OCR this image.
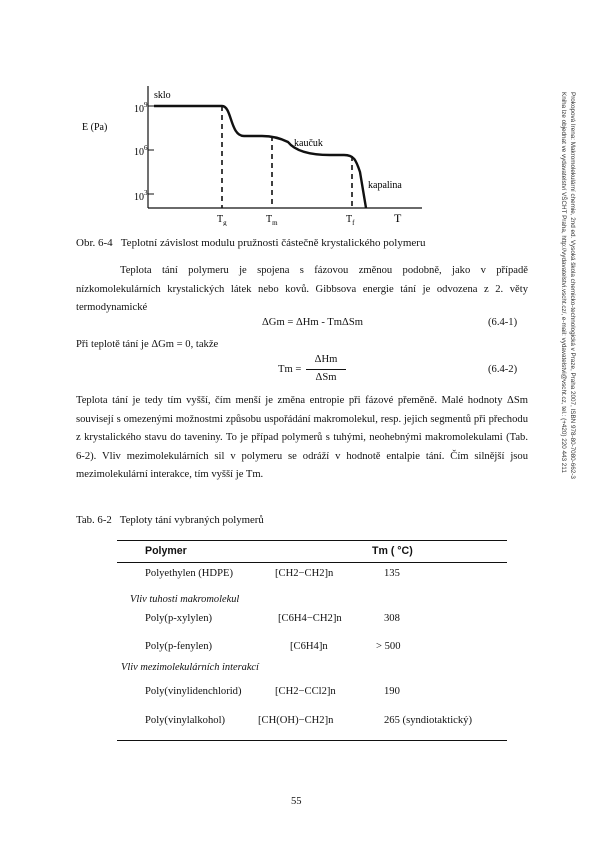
Prokopová Irena: Makromolekulární chemie, 2nd ed. Vysoká škola chemicko-technologická v Praze, Praha 2007, ISBN 978-80-7080-662-3
Kniha lze objednat ve vydavatelství VŠCHT Praha, http://vydavatelstvi.vscht.cz/, e-mail: vydavatelstvi@vscht.cz, tel.: (+420) 220 443 211
$10^9$
$10^6$
$10^3$
E (Pa)
sklo
kaučuk
kapalina
$T_g$	$T_m$	$T_f$	T
Obr. 6-4 Teplotní závislost modulu pružnosti částečně krystalického polymeru
Teplota tání polymeru je spojena s fázovou změnou podobně, jako v případě nízkomolekulárních krystalických látek nebo kovů. Gibbsova energie tání je odvozena z 2. věty termodynamické
ΔGm = ΔHm - TmΔSm	(6.4-1)
Při teplotě tání je ΔGm = 0, takže
Tm =
ΔHm
ΔSm
(6.4-2)
Teplota tání je tedy tím vyšší, čím menší je změna entropie při fázové přeměně. Malé hodnoty ΔSm souvisejí s omezenými možnostmi způsobu uspořádání makromolekul, resp. jejich segmentů při přechodu z krystalického stavu do taveniny. To je případ polymerů s tuhými, neohebnými makromolekulami (Tab. 6-2). Vliv mezimolekulárních sil v polymeru se odráží v hodnotě entalpie tání. Čím silnější jsou mezimolekulární interakce, tím vyšší je Tm.
Tab. 6-2 Teploty tání vybraných polymerů
Polymer	Tm ( °C)
Polyethylen (HDPE)	[CH2−CH2]n	135
Vliv tuhosti makromolekul
Poly(p-xylylen)	[C6H4−CH2]n	308
Poly(p-fenylen)	[C6H4]n	> 500
Vliv mezimolekulárních interakcí
Poly(vinylidenchlorid)	[CH2−CCl2]n	190
Poly(vinylalkohol)	[CH(OH)−CH2]n	265 (syndiotaktický)
55
